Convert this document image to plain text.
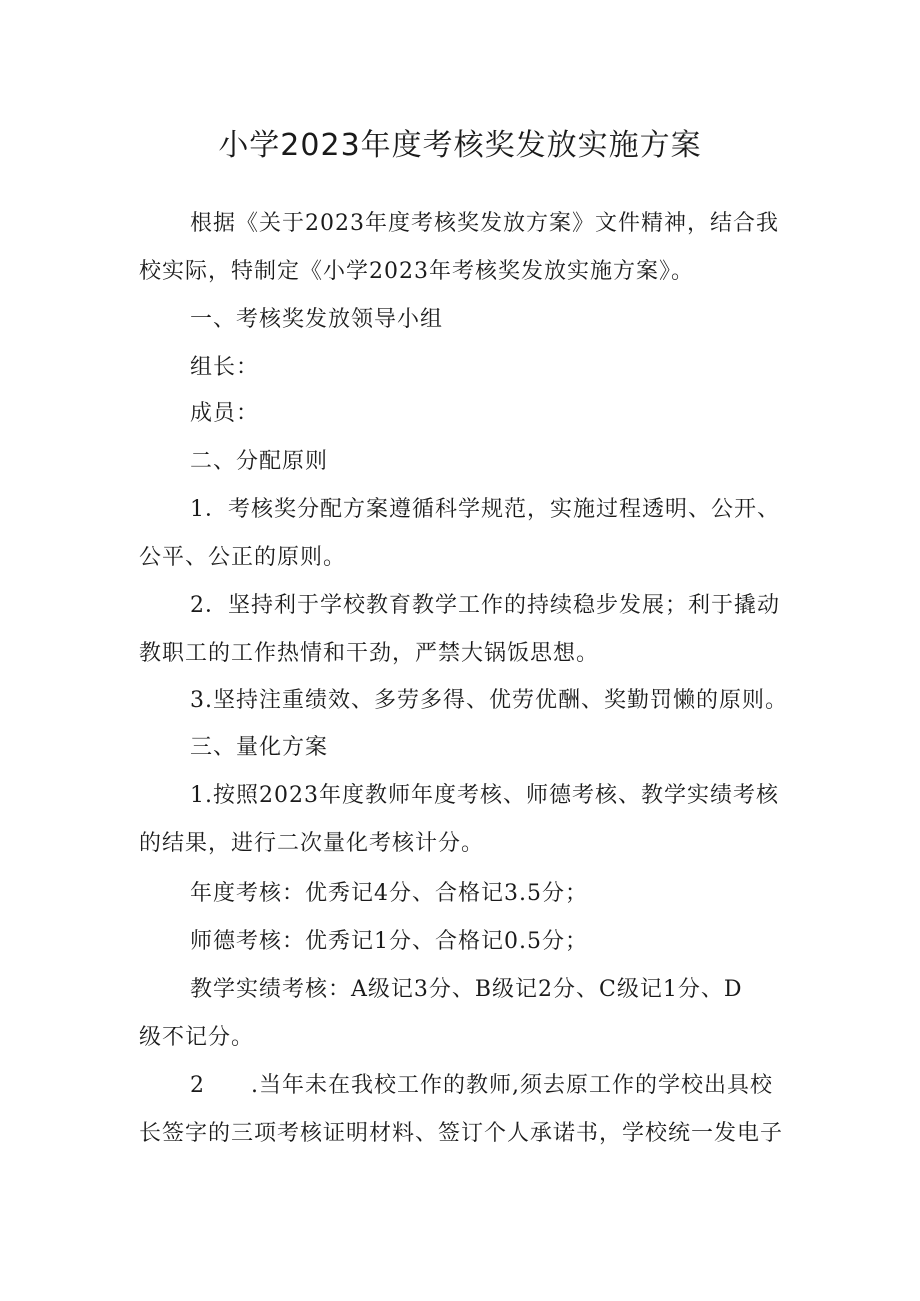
小学2023年度考核奖发放实施方案
根据《关于2023年度考核奖发放方案》文件精神，结合我
校实际，特制定《小学2023年考核奖发放实施方案》。
一、考核奖发放领导小组
组长：
成员：
二、分配原则
1．考核奖分配方案遵循科学规范，实施过程透明、公开、
公平、公正的原则。
2．坚持利于学校教育教学工作的持续稳步发展；利于撬动
教职工的工作热情和干劲，严禁大锅饭思想。
3.坚持注重绩效、多劳多得、优劳优酬、奖勤罚懒的原则。
三、量化方案
1.按照2023年度教师年度考核、师德考核、教学实绩考核
的结果，进行二次量化考核计分。
年度考核：优秀记4分、合格记3.5分；
师德考核：优秀记1分、合格记0.5分；
教学实绩考核：A级记3分、B级记2分、C级记1分、D
级不记分。
2　　.当年未在我校工作的教师,须去原工作的学校出具校
长签字的三项考核证明材料、签订个人承诺书，学校统一发电子
